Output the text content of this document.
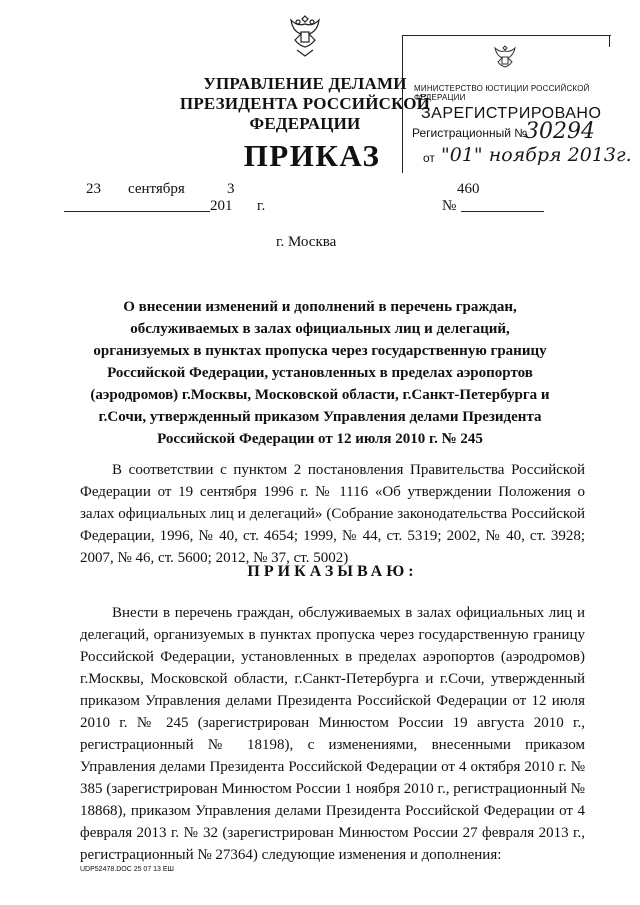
УПРАВЛЕНИЕ ДЕЛАМИ
ПРЕЗИДЕНТА РОССИЙСКОЙ ФЕДЕРАЦИИ
ПРИКАЗ
МИНИСТЕРСТВО ЮСТИЦИИ РОССИЙСКОЙ ФЕДЕРАЦИИ
ЗАРЕГИСТРИРОВАНО
Регистрационный №
30294
от "01" ноября 2013г.
23 сентября	3
201 г.
460
№
г. Москва
О внесении изменений и дополнений в перечень граждан, обслуживаемых в залах официальных лиц и делегаций, организуемых в пунктах пропуска через государственную границу Российской Федерации, установленных в пределах аэропортов (аэродромов) г.Москвы, Московской области, г.Санкт-Петербурга и г.Сочи, утвержденный приказом Управления делами Президента Российской Федерации от 12 июля 2010 г. № 245
В соответствии с пунктом 2 постановления Правительства Российской Федерации от 19 сентября 1996 г. № 1116 «Об утверждении Положения о залах официальных лиц и делегаций» (Собрание законодательства Российской Федерации, 1996, № 40, ст. 4654; 1999, № 44, ст. 5319; 2002, № 40, ст. 3928; 2007, № 46, ст. 5600; 2012, № 37, ст. 5002)
ПРИКАЗЫВАЮ:
Внести в перечень граждан, обслуживаемых в залах официальных лиц и делегаций, организуемых в пунктах пропуска через государственную границу Российской Федерации, установленных в пределах аэропортов (аэродромов) г.Москвы, Московской области, г.Санкт-Петербурга и г.Сочи, утвержденный приказом Управления делами Президента Российской Федерации от 12 июля 2010 г. № 245 (зарегистрирован Минюстом России 19 августа 2010 г., регистрационный № 18198), с изменениями, внесенными приказом Управления делами Президента Российской Федерации от 4 октября 2010 г. № 385 (зарегистрирован Минюстом России 1 ноября 2010 г., регистрационный № 18868), приказом Управления делами Президента Российской Федерации от 4 февраля 2013 г. № 32 (зарегистрирован Минюстом России 27 февраля 2013 г., регистрационный № 27364) следующие изменения и дополнения:
UDP52478.DOC 25 07 13 ЕШ
